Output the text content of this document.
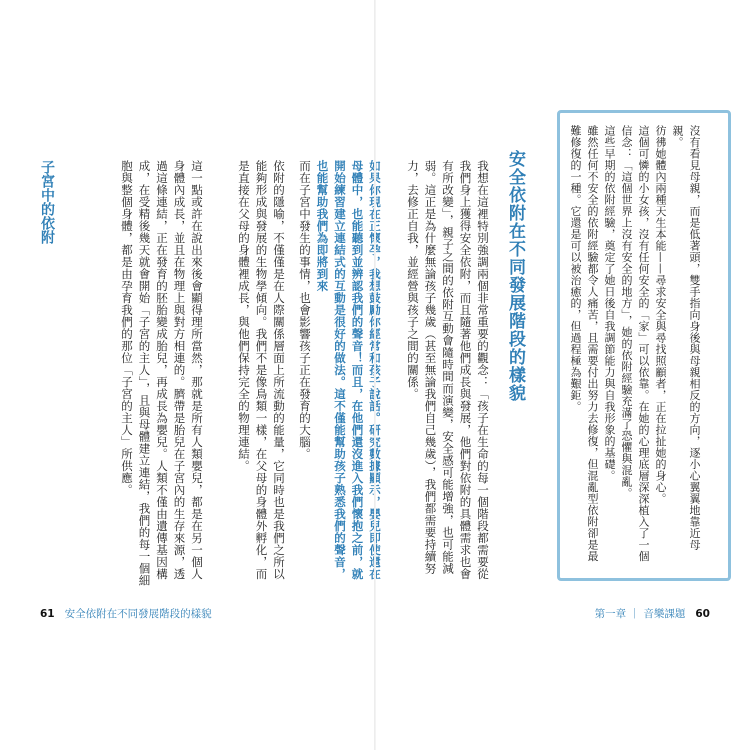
母體中，也能聽到並辨認我們的聲音！而且，在他們還沒進入我們懷抱之前，就開始練習建立連結式的互動是很好的做法。這不僅能幫助孩子熟悉我們的聲音，也能幫助我們為即將到來
而在子宮中發生的事情，也會影響孩子正在發育的大腦。
依附的隱喻，不僅僅是在人際關係層面上所流動的能量，它同時也是我們之所以能夠形成與發展的生物學傾向。我們不是像鳥類一樣，在父母的身體外孵化，而是直接在父母的身體裡成長，與他們保持完全的物理連結。
這一點或許在說出來後會顯得理所當然，那就是所有人類嬰兒，都是在另一個人身體內成長，並且在物理上與對方相連的。臍帶是胎兒在子宮內的生存來源，透過這條連結，正在發育的胚胎變成胎兒，再成長為嬰兒。人類不僅由遺傳基因構成，在受精後幾天就會開始「子宮的主人」，且與母體建立連結，我們的每一個細胞與整個身體，都是由孕育我們的那位「子宮的主人」所供應。
子宮中的依附
61 安全依附在不同發展階段的樣貌

沒有看見母親，而是低著頭，雙手指向身後與母親相反的方向，逐小心翼翼地靠近母親。
彷彿她體內兩種天生本能——尋求安全與尋找照顧者，正在拉扯她的身心。
這個可憐的小女孩，沒有任何安全的「家」可以依靠。在她的心理底層深深植入了一個信念：「這個世界上沒有安全的地方」，她的依附經驗充滿了恐懼與混亂。
這些早期的依附經驗，奠定了她日後自我調節能力與自我形象的基礎。
雖然任何不安全的依附經驗都令人痛苦，且需要付出努力去修復，但混亂型依附卻是最難修復的一種。它還是可以被治癒的，但過程極為艱鉅。

安全依附在不同發展階段的樣貌
我想在這裡特別強調兩個非常重要的觀念：「孩子在生命的每一個階段都需要從我們身上獲得安全依附，而且隨著他們成長與發展，他們對依附的具體需求也會有所改變」，親子之間的依附互動會隨時間而演變，安全感可能增強，也可能減弱。這正是為什麼無論孩子幾歲（甚至無論我們自己幾歲），我們都需要持續努力，去修正自我，並經營與孩子之間的關係。
第一章 ｜ 音樂課題 60
